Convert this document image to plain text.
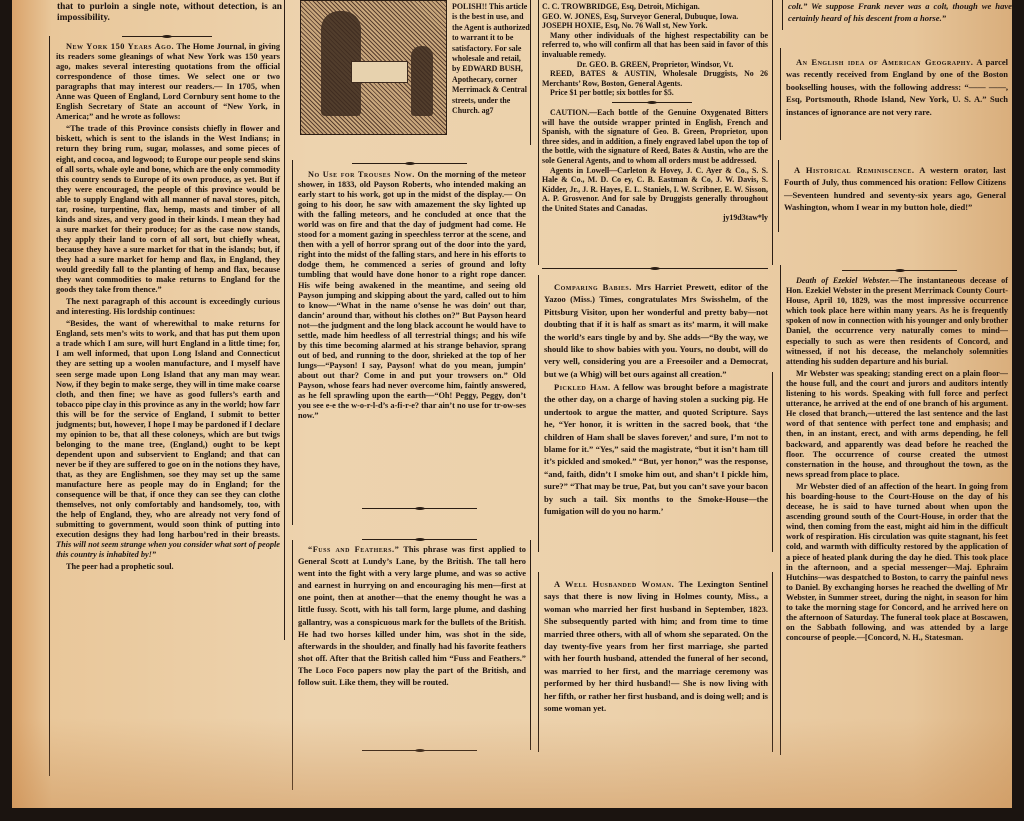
that to purloin a single note, without detection, is an impossibility.

New York 150 Years Ago. The Home Journal, in giving its readers some gleanings of what New York was 150 years ago, makes several interesting quotations from the official correspondence of those times. We select one or two paragraphs that may interest our readers.— In 1705, when Anne was Queen of England, Lord Cornbury sent home to the English Secretary of State an account of “New York, in America;” and he wrote as follows:

“The trade of this Province consists chiefly in flower and biskett, which is sent to the islands in the West Indians; in return they bring rum, sugar, molasses, and some pieces of eight, and cocoa, and logwood; to Europe our people send skins of all sorts, whale oyle and bone, which are the only commodity this country sends to Europe of its own produce, as yet. But if they were encouraged, the people of this province would be able to supply England with all manner of naval stores, pitch, tar, rosine, turpentine, flax, hemp, masts and timber of all kinds and sizes, and very good in their kinds. I mean they had a sure market for their produce; for as the case now stands, they apply their land to corn of all sort, but chiefly wheat, because they have a sure market for that in the islands; but, if they had a sure market for hemp and flax, in England, they would greedily fall to the planting of hemp and flax, because they want commodities to make returns to England for the goods they take from thence.”

The next paragraph of this account is exceedingly curious and interesting. His lordship continues:

“Besides, the want of wherewithal to make returns for England, sets men’s wits to work, and that has put them upon a trade which I am sure, will hurt England in a little time; for, I am well informed, that upon Long Island and Connecticut they are setting up a woolen manufacture, and I myself have seen serge made upon Long Island that any man may wear. Now, if they begin to make serge, they will in time make coarse cloth, and then fine; we have as good fullers’s earth and tobacco pipe clay in this province as any in the world; how farr this will be for the service of England, I submit to better judgments; but, however, I hope I may be pardoned if I declare my opinion to be, that all these coloneys, which are but twigs belonging to the mane tree, (England,) ought to be kept dependent upon and subservient to England; and that can never be if they are suffered to goe on in the notions they have, that, as they are Englishmen, soe they may set up the same manufacture here as people may do in England; for the consequence will be that, if once they can see they can clothe themselves, not only comfortably and handsomely, too, with the help of England, they, who are already not very fond of submitting to government, would soon think of putting into execution designs they had long harbou’red in their breasts. This will not seem strange when you consider what sort of people this country is inhabited by!”

The peer had a prophetic soul.

POLISH!! This article is the best in use, and the Agent is authorized to warrant it to be satisfactory. For sale wholesale and retail, by EDWARD BUSH, Apothecary, corner Merrimack & Central streets, under the Church. ag7

No Use for Trouses Now. On the morning of the meteor shower, in 1833, old Payson Roberts, who intended making an early start to his work, got up in the midst of the display.— On going to his door, he saw with amazement the sky lighted up with the falling meteors, and he concluded at once that the world was on fire and that the day of judgment had come. He stood for a moment gazing in speechless terror at the scene, and then with a yell of horror sprang out of the door into the yard, right into the midst of the falling stars, and here in his efforts to dodge them, he commenced a series of ground and lofty tumbling that would have done honor to a right rope dancer. His wife being awakened in the meantime, and seeing old Payson jumping and skipping about the yard, called out to him to know—“What in the name o’sense he was doin’ out thar, dancin’ around thar, without his clothes on?” But Payson heard not—the judgment and the long black account he would have to settle, made him heedless of all terrestrial things; and his wife by this time becoming alarmed at his strange behavior, sprang out of bed, and running to the door, shrieked at the top of her lungs—“Payson! I say, Payson! what do you mean, jumpin’ about out thar? Come in and put your trowsers on.” Old Payson, whose fears had never overcome him, faintly answered, as he fell sprawling upon the earth—“Oh! Peggy, Peggy, don’t you see e-e the w-o-r-l-d’s a-fi-r-e? thar ain’t no use for tr-ow-ses now.”

“Fuss and Feathers.” This phrase was first applied to General Scott at Lundy’s Lane, by the British. The tall hero went into the fight with a very large plume, and was so active and earnest in hurrying on and encouraging his men—first at one point, then at another—that the enemy thought he was a little fussy. Scott, with his tall form, large plume, and dashing gallantry, was a conspicuous mark for the bullets of the British. He had two horses killed under him, was shot in the side, afterwards in the shoulder, and finally had his favorite feathers shot off. After that the British called him “Fuss and Feathers.” The Loco Foco papers now play the part of the British, and follow suit. Like them, they will be routed.

C. C. TROWBRIDGE, Esq, Detroit, Michigan.

GEO. W. JONES, Esq, Surveyor General, Dubuque, Iowa.

JOSEPH HOXIE, Esq, No. 76 Wall st, New York.

Many other individuals of the highest respectability can be referred to, who will confirm all that has been said in favor of this invaluable remedy.

Dr. GEO. B. GREEN, Proprietor, Windsor, Vt.

REED, BATES & AUSTIN, Wholesale Druggists, No 26 Merchants’ Row, Boston, General Agents.

Price $1 per bottle; six bottles for $5.

CAUTION.—Each bottle of the Genuine Oxygenated Bitters will have the outside wrapper printed in English, French and Spanish, with the signature of Geo. B. Green, Proprietor, upon three sides, and in addition, a finely engraved label upon the top of the bottle, with the signature of Reed, Bates & Austin, who are the sole General Agents, and to whom all orders must be addressed.

Agents in Lowell—Carleton & Hovey, J. C. Ayer & Co., S. S. Hale & Co., M. D. Co ey, C. B. Eastman & Co, J. W. Davis, S. Kidder, Jr., J. R. Hayes, E. L. Staniels, I. W. Scribner, E. W. Sisson, A. P. Grosvenor. And for sale by Druggists generally throughout the United States and Canadas.

jy19d3taw*ly

Comparing Babies. Mrs Harriet Prewett, editor of the Yazoo (Miss.) Times, congratulates Mrs Swisshelm, of the Pittsburg Visitor, upon her wonderful and pretty baby—not doubting that if it is half as smart as its’ marm, it will make the world’s ears tingle by and by. She adds—“By the way, we should like to show babies with you. Yours, no doubt, will do very well, considering you are a Freesoiler and a Democrat, but we (a Whig) will bet ours against all creation.”

Pickled Ham. A fellow was brought before a magistrate the other day, on a charge of having stolen a sucking pig. He undertook to argue the matter, and quoted Scripture. Says he, “Yer honor, it is written in the sacred book, that ‘the children of Ham shall be slaves forever,’ and sure, I’m not to blame for it.” “Yes,” said the magistrate, “but it isn’t ham till it’s pickled and smoked.” “But, yer honor,” was the response, “and, faith, didn’t I smoke him out, and shan’t I pickle him, sure?” “That may be true, Pat, but you can’t save your bacon by such a tail. Six months to the Smoke-House—the fumigation will do you no harm.’

A Well Husbanded Woman. The Lexington Sentinel says that there is now living in Holmes county, Miss., a woman who married her first husband in September, 1823. She subsequently parted with him; and from time to time married three others, with all of whom she separated. On the day twenty-five years from her first marriage, she parted with her fourth husband, attended the funeral of her second, was married to her first, and the marriage ceremony was performed by her third husband!— She is now living with her fifth, or rather her first husband, and is doing well; and is some woman yet.

colt.” We suppose Frank never was a colt, though we have certainly heard of his descent from a horse.”

An English idea of American Geography. A parcel was recently received from England by one of the Boston bookselling houses, with the following address: “—— ——, Esq, Portsmouth, Rhode Island, New York, U. S. A.” Such instances of ignorance are not very rare.

A Historical Reminiscence. A western orator, last Fourth of July, thus commenced his oration: Fellow Citizens—Seventeen hundred and seventy-six years ago, General Washington, whom I wear in my button hole, died!”

Death of Ezekiel Webster.—The instantaneous decease of Hon. Ezekiel Webster in the present Merrimack County Court-House, April 10, 1829, was the most impressive occurrence which took place here within many years. As he is frequently spoken of now in connection with his younger and only brother Daniel, the occurrence very naturally comes to mind—especially to such as were then residents of Concord, and witnessed, if not his decease, the melancholy solemnities attending his sudden departure and his burial.

Mr Webster was speaking; standing erect on a plain floor—the house full, and the court and jurors and auditors intently listening to his words. Speaking with full force and perfect utterance, he arrived at the end of one branch of his argument. He closed that branch,—uttered the last sentence and the last word of that sentence with perfect tone and emphasis; and then, in an instant, erect, and with arms depending, he fell backward, and apparently was dead before he reached the floor. The occurrence of course created the utmost consternation in the house, and throughout the town, as the news spread from place to place.

Mr Webster died of an affection of the heart. In going from his boarding-house to the Court-House on the day of his decease, he is said to have turned about when upon the ascending ground south of the Court-House, in order that the wind, then coming from the east, might aid him in the difficult work of respiration. His circulation was quite stagnant, his feet cold, and warmth with difficulty restored by the application of a piece of heated plank during the day he died. This took place in the afternoon, and a special messenger—Maj. Ephraim Hutchins—was despatched to Boston, to carry the painful news to Daniel. By exchanging horses he reached the dwelling of Mr Webster, in Summer street, during the night, in season for him to take the morning stage for Concord, and he arrived here on the afternoon of Saturday. The funeral took place at Boscawen, on the Sabbath following, and was attended by a large concourse of people.—[Concord, N. H., Statesman.
